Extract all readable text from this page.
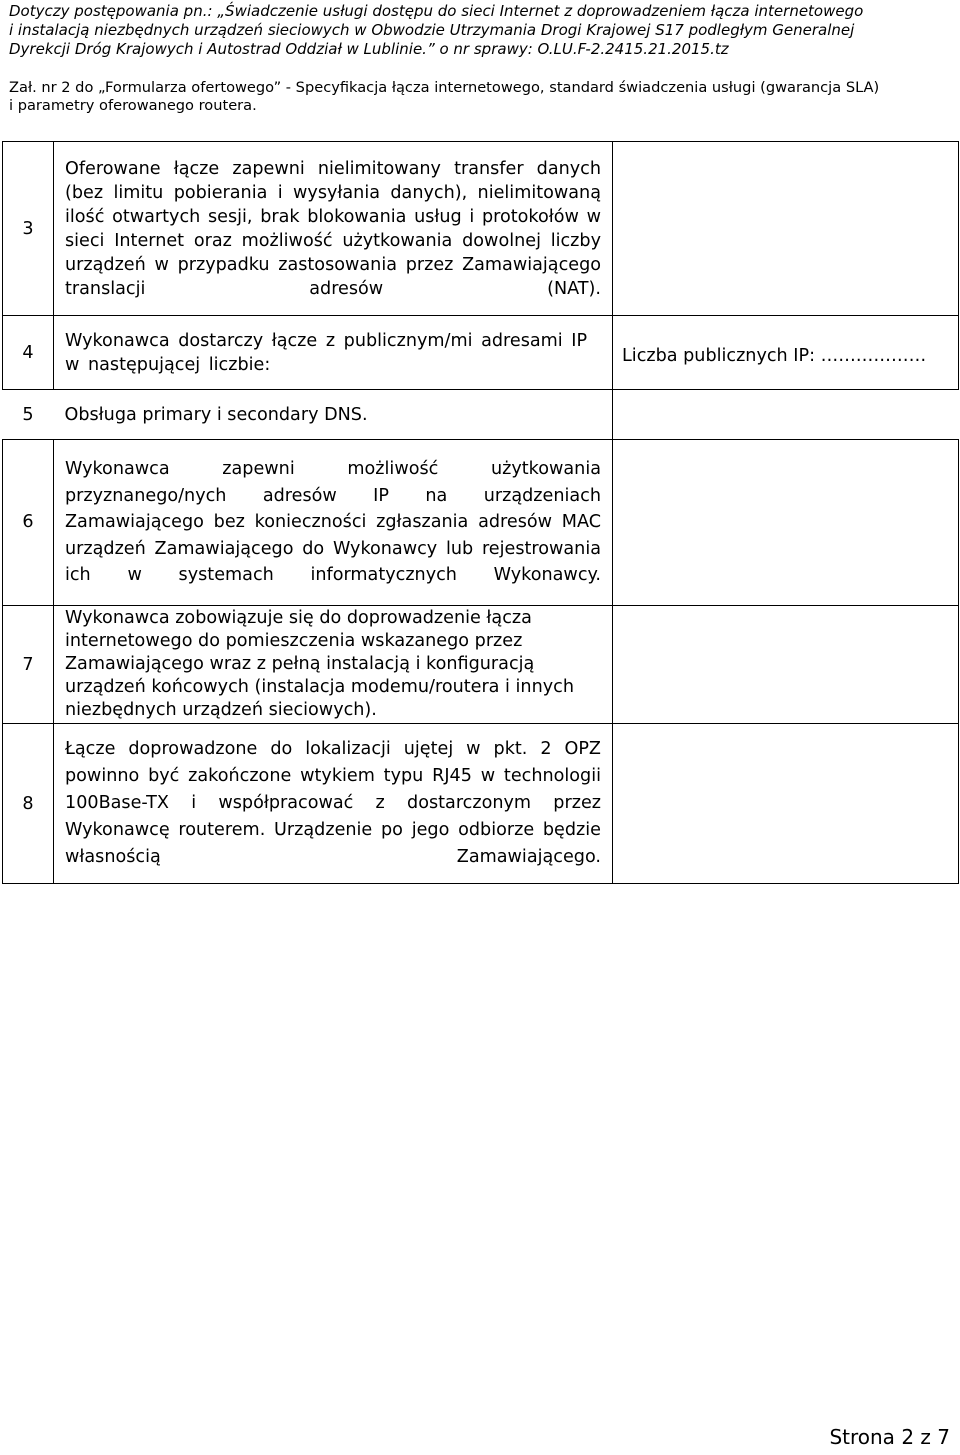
Dotyczy postępowania pn.: „Świadczenie usługi dostępu do sieci Internet z doprowadzeniem łącza internetowego
i instalacją niezbędnych urządzeń sieciowych w Obwodzie Utrzymania Drogi Krajowej S17 podległym Generalnej
Dyrekcji Dróg Krajowych i Autostrad Oddział w Lublinie.” o nr sprawy: O.LU.F-2.2415.21.2015.tz
Zał. nr 2 do „Formularza ofertowego” - Specyfikacja łącza internetowego, standard świadczenia usługi (gwarancja SLA)
i parametry oferowanego routera.
3	Oferowane łącze zapewni nielimitowany transfer danych (bez limitu pobierania i wysyłania danych), nielimitowaną ilość otwartych sesji, brak blokowania usług i protokołów w sieci Internet oraz możliwość użytkowania dowolnej liczby urządzeń w przypadku zastosowania przez Zamawiającego translacji adresów (NAT).	
4	Wykonawca dostarczy łącze z publicznym/mi adresami IP w następującej liczbie:	Liczba publicznych IP: ………………
5	Obsługa primary i secondary DNS.	
6	Wykonawca zapewni możliwość użytkowania przyznanego/nych adresów IP na urządzeniach Zamawiającego bez konieczności zgłaszania adresów MAC urządzeń Zamawiającego do Wykonawcy lub rejestrowania ich w systemach informatycznych Wykonawcy.	
7	Wykonawca zobowiązuje się do doprowadzenie łącza internetowego do pomieszczenia wskazanego przez Zamawiającego wraz z pełną instalacją i konfiguracją urządzeń końcowych (instalacja modemu/routera i innych niezbędnych urządzeń sieciowych).	
8	Łącze doprowadzone do lokalizacji ujętej w pkt. 2 OPZ powinno być zakończone wtykiem typu RJ45 w technologii 100Base-TX i współpracować z dostarczonym przez Wykonawcę routerem. Urządzenie po jego odbiorze będzie własnością Zamawiającego.	
Strona 2 z 7
